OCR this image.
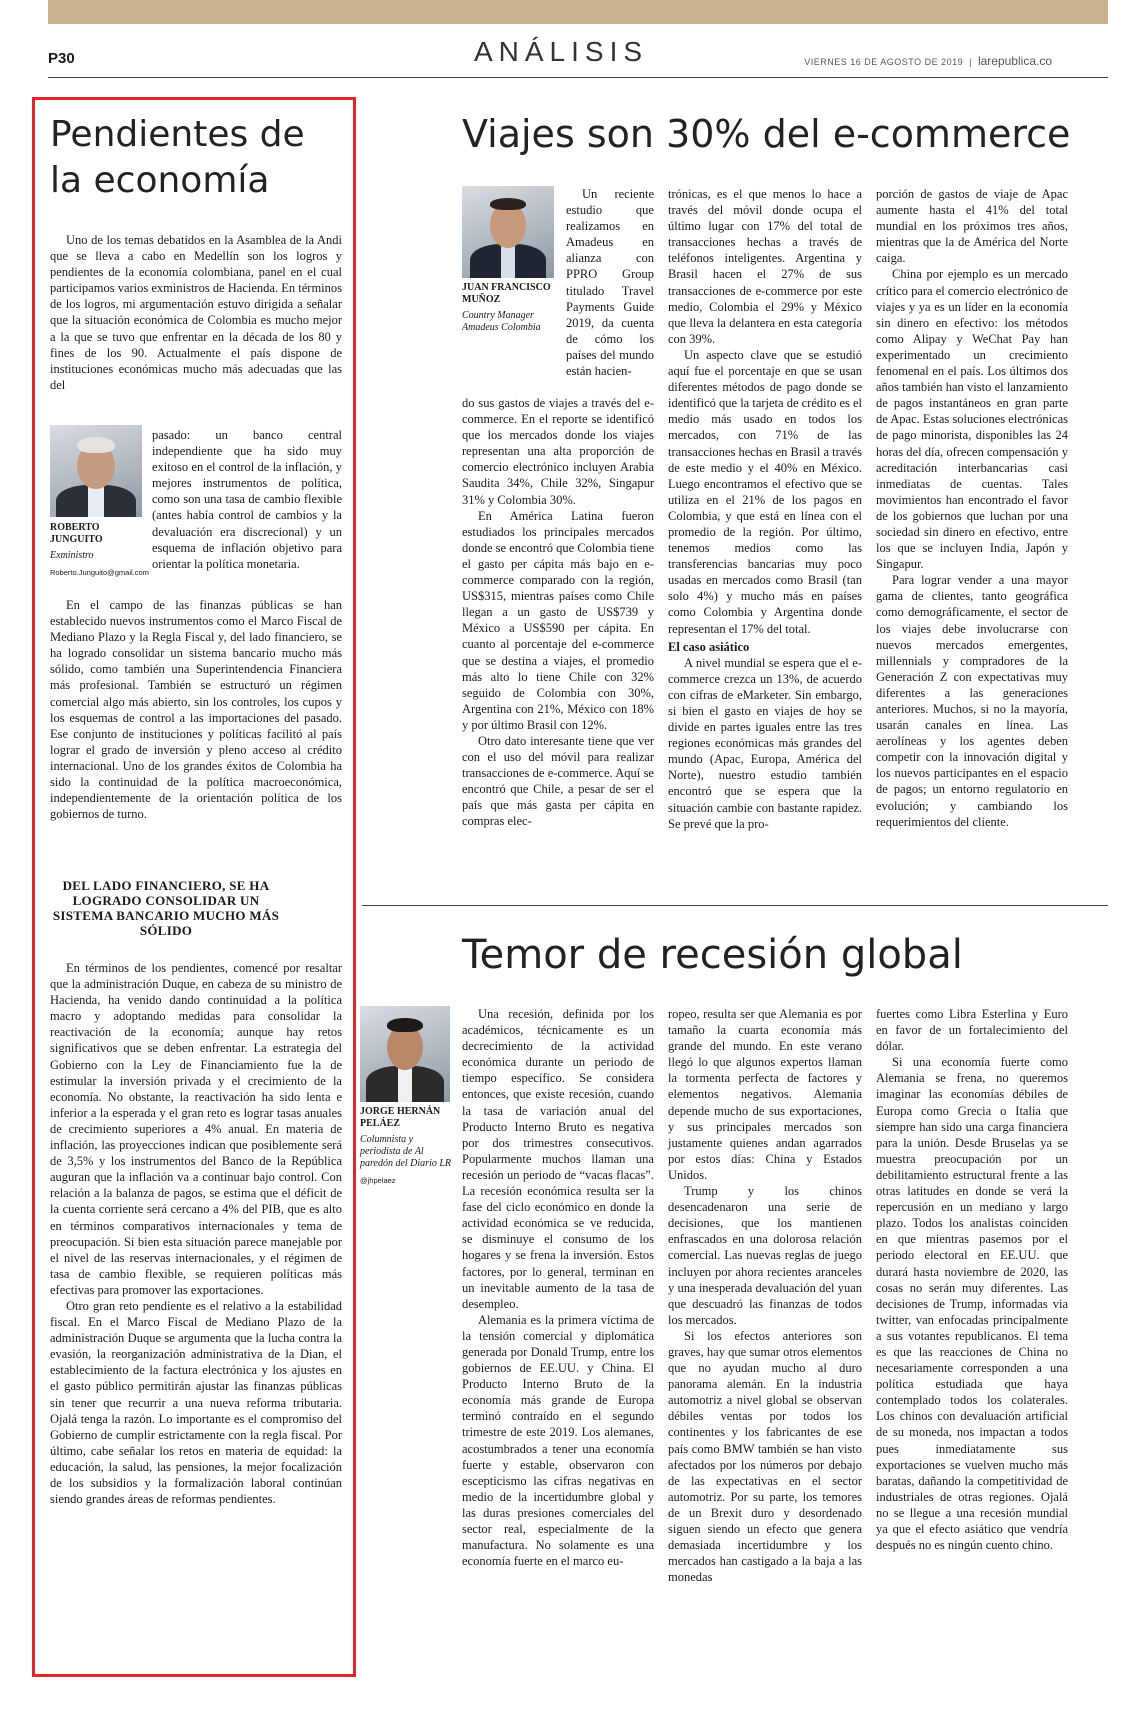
P30	ANÁLISIS	VIERNES 16 DE AGOSTO DE 2019 | larepublica.co
Pendientes de la economía

Uno de los temas debatidos en la Asamblea de la Andi que se lleva a cabo en Medellín son los logros y pendientes de la economía colombiana, panel en el cual participamos varios exministros de Hacienda. En términos de los logros, mi argumentación estuvo dirigida a señalar que la situación económica de Colombia es mucho mejor a la que se tuvo que enfrentar en la década de los 80 y fines de los 90. Actualmente el país dispone de instituciones económicas mucho más adecuadas que las del

ROBERTO JUNGUITO
Exministro
Roberto.Junguito@gmail.com

pasado: un banco central independiente que ha sido muy exitoso en el control de la inflación, y mejores instrumentos de política, como son una tasa de cambio flexible (antes había control de cambios y la devaluación era discrecional) y un esquema de inflación objetivo para orientar la política monetaria.

En el campo de las finanzas públicas se han establecido nuevos instrumentos como el Marco Fiscal de Mediano Plazo y la Regla Fiscal y, del lado financiero, se ha logrado consolidar un sistema bancario mucho más sólido, como también una Superintendencia Financiera más profesional. También se estructuró un régimen comercial algo más abierto, sin los controles, los cupos y los esquemas de control a las importaciones del pasado. Ese conjunto de instituciones y políticas facilitó al país lograr el grado de inversión y pleno acceso al crédito internacional. Uno de los grandes éxitos de Colombia ha sido la continuidad de la política macroeconómica, independientemente de la orientación política de los gobiernos de turno.

DEL LADO FINANCIERO, SE HA LOGRADO CONSOLIDAR UN SISTEMA BANCARIO MUCHO MÁS SÓLIDO

En términos de los pendientes, comencé por resaltar que la administración Duque, en cabeza de su ministro de Hacienda, ha venido dando continuidad a la política macro y adoptando medidas para consolidar la reactivación de la economía; aunque hay retos significativos que se deben enfrentar. La estrategia del Gobierno con la Ley de Financiamiento fue la de estimular la inversión privada y el crecimiento de la economía. No obstante, la reactivación ha sido lenta e inferior a la esperada y el gran reto es lograr tasas anuales de crecimiento superiores a 4% anual. En materia de inflación, las proyecciones indican que posiblemente será de 3,5% y los instrumentos del Banco de la República auguran que la inflación va a continuar bajo control. Con relación a la balanza de pagos, se estima que el déficit de la cuenta corriente será cercano a 4% del PIB, que es alto en términos comparativos internacionales y tema de preocupación. Si bien esta situación parece manejable por el nivel de las reservas internacionales, y el régimen de tasa de cambio flexible, se requieren políticas más efectivas para promover las exportaciones.

Otro gran reto pendiente es el relativo a la estabilidad fiscal. En el Marco Fiscal de Mediano Plazo de la administración Duque se argumenta que la lucha contra la evasión, la reorganización administrativa de la Dian, el establecimiento de la factura electrónica y los ajustes en el gasto público permitirán ajustar las finanzas públicas sin tener que recurrir a una nueva reforma tributaria. Ojalá tenga la razón. Lo importante es el compromiso del Gobierno de cumplir estrictamente con la regla fiscal. Por último, cabe señalar los retos en materia de equidad: la educación, la salud, las pensiones, la mejor focalización de los subsidios y la formalización laboral continúan siendo grandes áreas de reformas pendientes.

Viajes son 30% del e-commerce
JUAN FRANCISCO MUÑOZ
Country Manager Amadeus Colombia

Un reciente estudio que realizamos en Amadeus en alianza con PPRO Group titulado Travel Payments Guide 2019, da cuenta de cómo los países del mundo están hacien-

do sus gastos de viajes a través del e-commerce. En el reporte se identificó que los mercados donde los viajes representan una alta proporción de comercio electrónico incluyen Arabia Saudita 34%, Chile 32%, Singapur 31% y Colombia 30%.

En América Latina fueron estudiados los principales mercados donde se encontró que Colombia tiene el gasto per cápita más bajo en e-commerce comparado con la región, US$315, mientras países como Chile llegan a un gasto de US$739 y México a US$590 per cápita. En cuanto al porcentaje del e-commerce que se destina a viajes, el promedio más alto lo tiene Chile con 32% seguido de Colombia con 30%, Argentina con 21%, México con 18% y por último Brasil con 12%.

Otro dato interesante tiene que ver con el uso del móvil para realizar transacciones de e-commerce. Aquí se encontró que Chile, a pesar de ser el país que más gasta per cápita en compras elec-

trónicas, es el que menos lo hace a través del móvil donde ocupa el último lugar con 17% del total de transacciones hechas a través de teléfonos inteligentes. Argentina y Brasil hacen el 27% de sus transacciones de e-commerce por este medio, Colombia el 29% y México que lleva la delantera en esta categoría con 39%.

Un aspecto clave que se estudió aquí fue el porcentaje en que se usan diferentes métodos de pago donde se identificó que la tarjeta de crédito es el medio más usado en todos los mercados, con 71% de las transacciones hechas en Brasil a través de este medio y el 40% en México. Luego encontramos el efectivo que se utiliza en el 21% de los pagos en Colombia, y que está en línea con el promedio de la región. Por último, tenemos medios como las transferencias bancarias muy poco usadas en mercados como Brasil (tan solo 4%) y mucho más en países como Colombia y Argentina donde representan el 17% del total.

El caso asiático

A nivel mundial se espera que el e-commerce crezca un 13%, de acuerdo con cifras de eMarketer. Sin embargo, si bien el gasto en viajes de hoy se divide en partes iguales entre las tres regiones económicas más grandes del mundo (Apac, Europa, América del Norte), nuestro estudio también encontró que se espera que la situación cambie con bastante rapidez. Se prevé que la pro-

porción de gastos de viaje de Apac aumente hasta el 41% del total mundial en los próximos tres años, mientras que la de América del Norte caiga.

China por ejemplo es un mercado crítico para el comercio electrónico de viajes y ya es un líder en la economía sin dinero en efectivo: los métodos como Alipay y WeChat Pay han experimentado un crecimiento fenomenal en el país. Los últimos dos años también han visto el lanzamiento de pagos instantáneos en gran parte de Apac. Estas soluciones electrónicas de pago minorista, disponibles las 24 horas del día, ofrecen compensación y acreditación interbancarias casi inmediatas de cuentas. Tales movimientos han encontrado el favor de los gobiernos que luchan por una sociedad sin dinero en efectivo, entre los que se incluyen India, Japón y Singapur.

Para lograr vender a una mayor gama de clientes, tanto geográfica como demográficamente, el sector de los viajes debe involucrarse con nuevos mercados emergentes, millennials y compradores de la Generación Z con expectativas muy diferentes a las generaciones anteriores. Muchos, si no la mayoría, usarán canales en línea. Las aerolíneas y los agentes deben competir con la innovación digital y los nuevos participantes en el espacio de pagos; un entorno regulatorio en evolución; y cambiando los requerimientos del cliente.

Temor de recesión global
JORGE HERNÁN PELÁEZ
Columnista y periodista de Al paredón del Diario LR
@jhpelaez

Una recesión, definida por los académicos, técnicamente es un decrecimiento de la actividad económica durante un periodo de tiempo específico. Se considera entonces, que existe recesión, cuando la tasa de variación anual del Producto Interno Bruto es negativa por dos trimestres consecutivos. Popularmente muchos llaman una recesión un periodo de “vacas flacas”. La recesión económica resulta ser la fase del ciclo económico en donde la actividad económica se ve reducida, se disminuye el consumo de los hogares y se frena la inversión. Estos factores, por lo general, terminan en un inevitable aumento de la tasa de desempleo.

Alemania es la primera víctima de la tensión comercial y diplomática generada por Donald Trump, entre los gobiernos de EE.UU. y China. El Producto Interno Bruto de la economía más grande de Europa terminó contraído en el segundo trimestre de este 2019. Los alemanes, acostumbrados a tener una economía fuerte y estable, observaron con escepticismo las cifras negativas en medio de la incertidumbre global y las duras presiones comerciales del sector real, especialmente de la manufactura. No solamente es una economía fuerte en el marco eu-

ropeo, resulta ser que Alemania es por tamaño la cuarta economía más grande del mundo. En este verano llegó lo que algunos expertos llaman la tormenta perfecta de factores y elementos negativos. Alemania depende mucho de sus exportaciones, y sus principales mercados son justamente quienes andan agarrados por estos días: China y Estados Unidos.

Trump y los chinos desencadenaron una serie de decisiones, que los mantienen enfrascados en una dolorosa relación comercial. Las nuevas reglas de juego incluyen por ahora recientes aranceles y una inesperada devaluación del yuan que descuadró las finanzas de todos los mercados.

Si los efectos anteriores son graves, hay que sumar otros elementos que no ayudan mucho al duro panorama alemán. En la industria automotriz a nivel global se observan débiles ventas por todos los continentes y los fabricantes de ese país como BMW también se han visto afectados por los números por debajo de las expectativas en el sector automotriz. Por su parte, los temores de un Brexit duro y desordenado siguen siendo un efecto que genera demasiada incertidumbre y los mercados han castigado a la baja a las monedas

fuertes como Libra Esterlina y Euro en favor de un fortalecimiento del dólar.

Si una economía fuerte como Alemania se frena, no queremos imaginar las economías débiles de Europa como Grecia o Italia que siempre han sido una carga financiera para la unión. Desde Bruselas ya se muestra preocupación por un debilitamiento estructural frente a las otras latitudes en donde se verá la repercusión en un mediano y largo plazo. Todos los analistas coinciden en que mientras pasemos por el periodo electoral en EE.UU. que durará hasta noviembre de 2020, las cosas no serán muy diferentes. Las decisiones de Trump, informadas via twitter, van enfocadas principalmente a sus votantes republicanos. El tema es que las reacciones de China no necesariamente corresponden a una política estudiada que haya contemplado todos los colaterales. Los chinos con devaluación artificial de su moneda, nos impactan a todos pues inmediatamente sus exportaciones se vuelven mucho más baratas, dañando la competitividad de industriales de otras regiones. Ojalá no se llegue a una recesión mundial ya que el efecto asiático que vendría después no es ningún cuento chino.
